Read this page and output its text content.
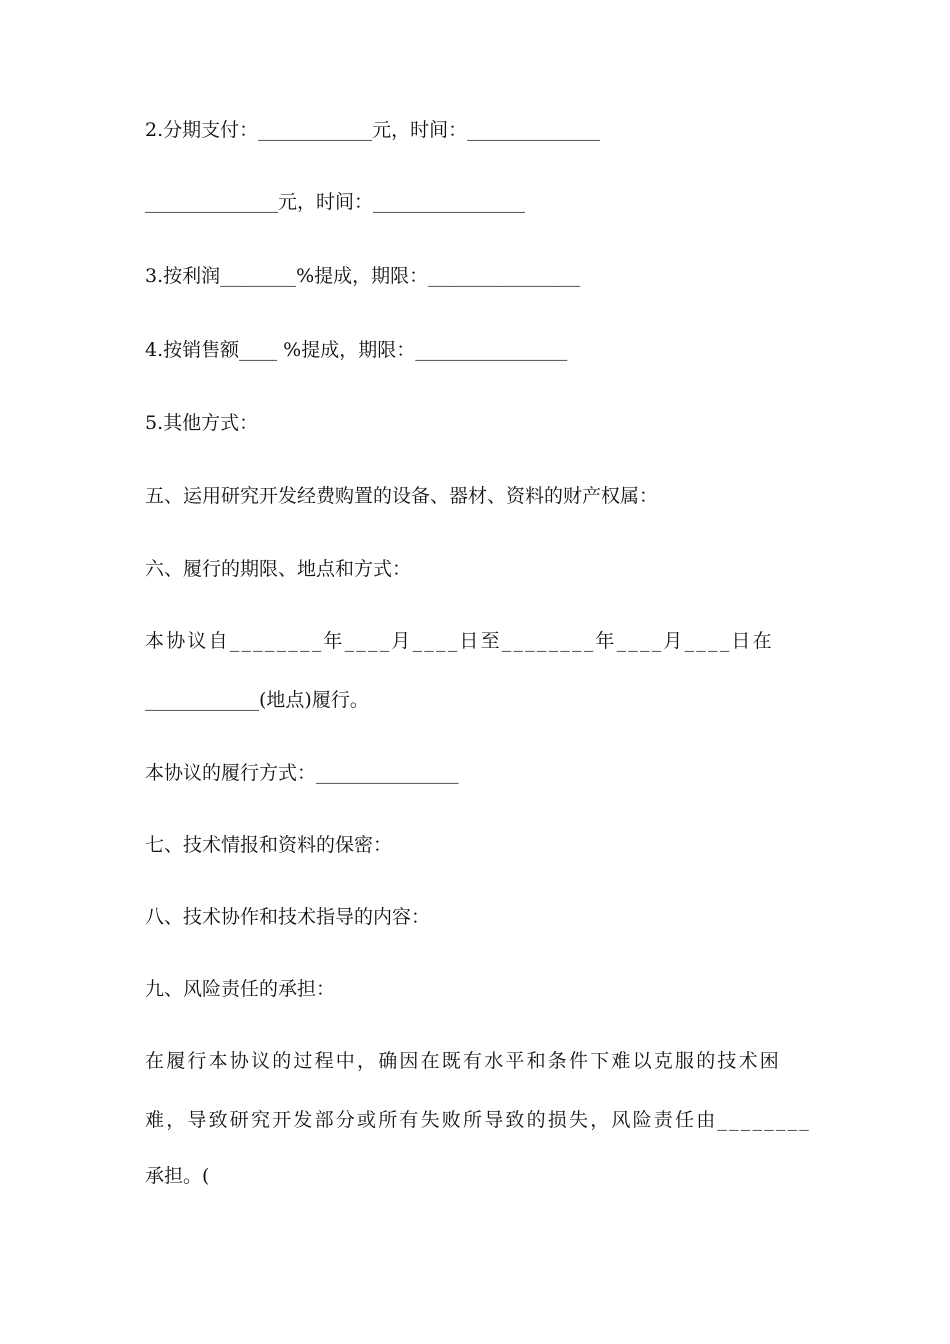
2.分期支付：____________元，时间：______________
______________元，时间：________________
3.按利润________%提成，期限：________________
4.按销售额____ %提成，期限：________________
5.其他方式：
五、运用研究开发经费购置的设备、器材、资料的财产权属：
六、履行的期限、地点和方式：
本协议自________年____月____日至________年____月____日在
____________(地点)履行。
本协议的履行方式：_______________
七、技术情报和资料的保密：
八、技术协作和技术指导的内容：
九、风险责任的承担：
在履行本协议的过程中，确因在既有水平和条件下难以克服的技术困
难，导致研究开发部分或所有失败所导致的损失，风险责任由________
承担。(
